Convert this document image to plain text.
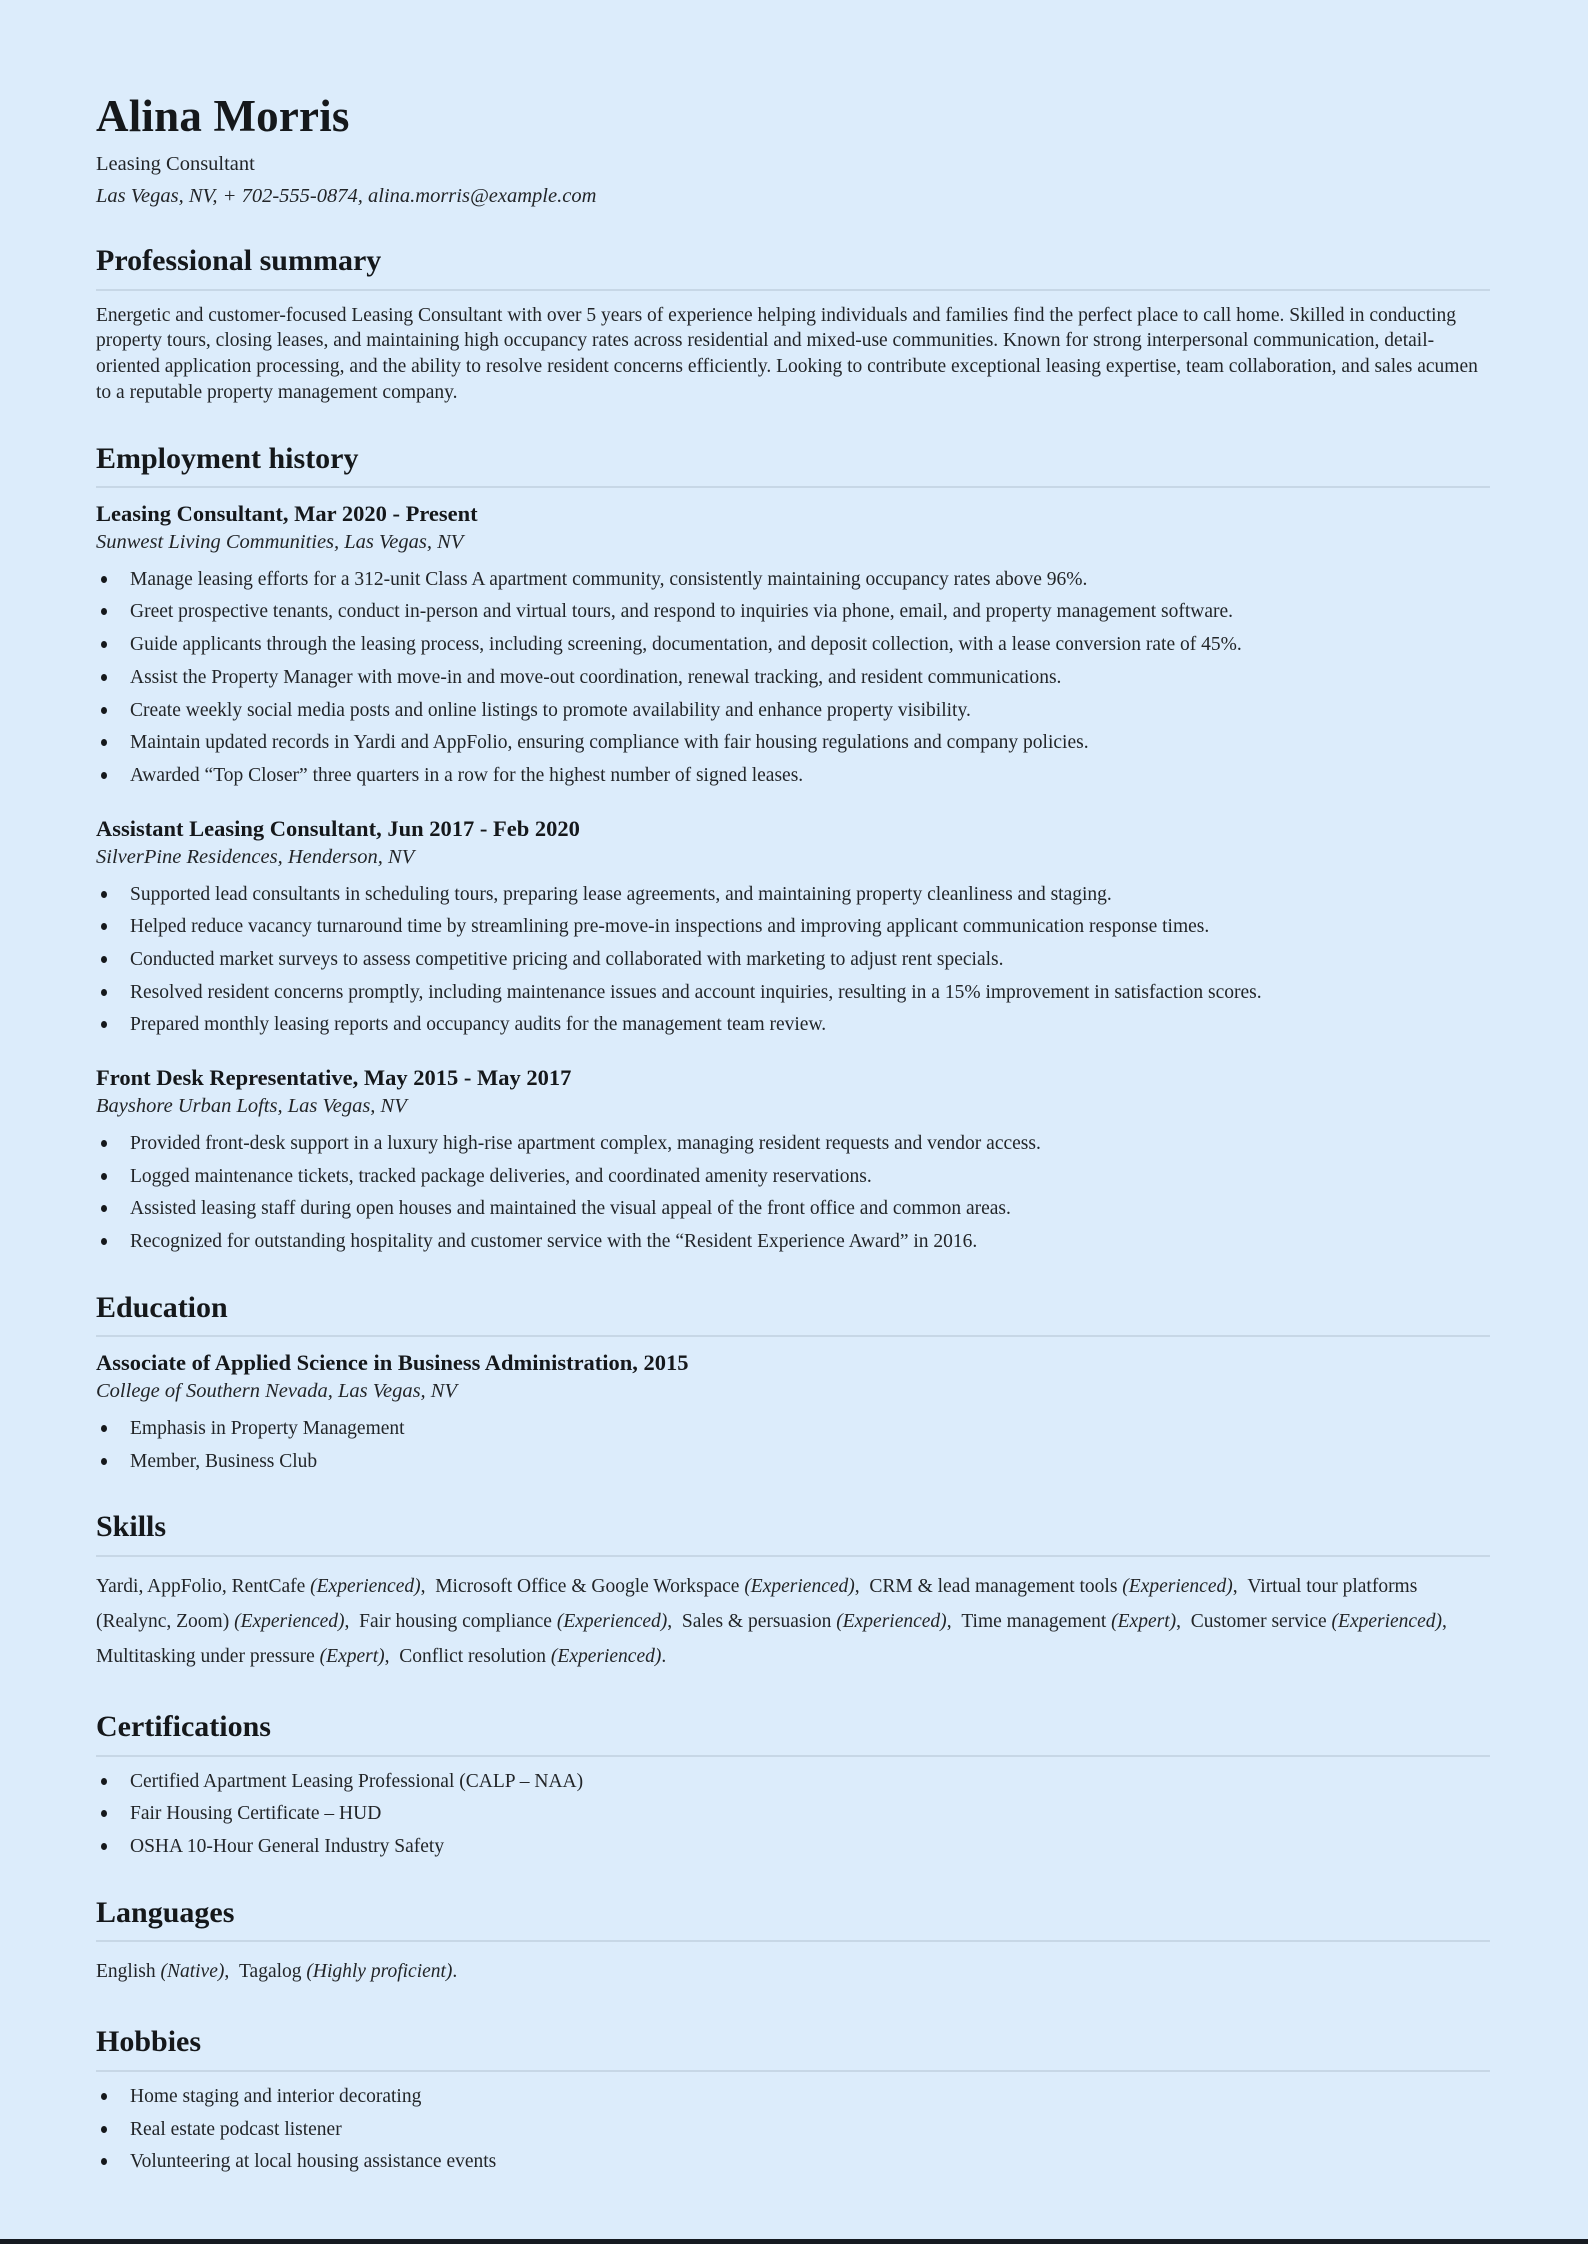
Alina Morris
Leasing Consultant
Las Vegas, NV, + 702-555-0874, alina.morris@example.com
Professional summary

Energetic and customer-focused Leasing Consultant with over 5 years of experience helping individuals and families find the perfect place to call home. Skilled in conducting property tours, closing leases, and maintaining high occupancy rates across residential and mixed-use communities. Known for strong interpersonal communication, detail-oriented application processing, and the ability to resolve resident concerns efficiently. Looking to contribute exceptional leasing expertise, team collaboration, and sales acumen to a reputable property management company.

Employment history
Leasing Consultant, Mar 2020 - Present
Sunwest Living Communities, Las Vegas, NV
Manage leasing efforts for a 312-unit Class A apartment community, consistently maintaining occupancy rates above 96%.
Greet prospective tenants, conduct in-person and virtual tours, and respond to inquiries via phone, email, and property management software.
Guide applicants through the leasing process, including screening, documentation, and deposit collection, with a lease conversion rate of 45%.
Assist the Property Manager with move-in and move-out coordination, renewal tracking, and resident communications.
Create weekly social media posts and online listings to promote availability and enhance property visibility.
Maintain updated records in Yardi and AppFolio, ensuring compliance with fair housing regulations and company policies.
Awarded “Top Closer” three quarters in a row for the highest number of signed leases.
Assistant Leasing Consultant, Jun 2017 - Feb 2020
SilverPine Residences, Henderson, NV
Supported lead consultants in scheduling tours, preparing lease agreements, and maintaining property cleanliness and staging.
Helped reduce vacancy turnaround time by streamlining pre-move-in inspections and improving applicant communication response times.
Conducted market surveys to assess competitive pricing and collaborated with marketing to adjust rent specials.
Resolved resident concerns promptly, including maintenance issues and account inquiries, resulting in a 15% improvement in satisfaction scores.
Prepared monthly leasing reports and occupancy audits for the management team review.
Front Desk Representative, May 2015 - May 2017
Bayshore Urban Lofts, Las Vegas, NV
Provided front-desk support in a luxury high-rise apartment complex, managing resident requests and vendor access.
Logged maintenance tickets, tracked package deliveries, and coordinated amenity reservations.
Assisted leasing staff during open houses and maintained the visual appeal of the front office and common areas.
Recognized for outstanding hospitality and customer service with the “Resident Experience Award” in 2016.
Education
Associate of Applied Science in Business Administration, 2015
College of Southern Nevada, Las Vegas, NV
Emphasis in Property Management
Member, Business Club
Skills

Yardi, AppFolio, RentCafe (Experienced), Microsoft Office & Google Workspace (Experienced), CRM & lead management tools (Experienced), Virtual tour platforms (Realync, Zoom) (Experienced), Fair housing compliance (Experienced), Sales & persuasion (Experienced), Time management (Expert), Customer service (Experienced), Multitasking under pressure (Expert), Conflict resolution (Experienced).

Certifications
Certified Apartment Leasing Professional (CALP – NAA)
Fair Housing Certificate – HUD
OSHA 10-Hour General Industry Safety
Languages

English (Native), Tagalog (Highly proficient).

Hobbies
Home staging and interior decorating
Real estate podcast listener
Volunteering at local housing assistance events
